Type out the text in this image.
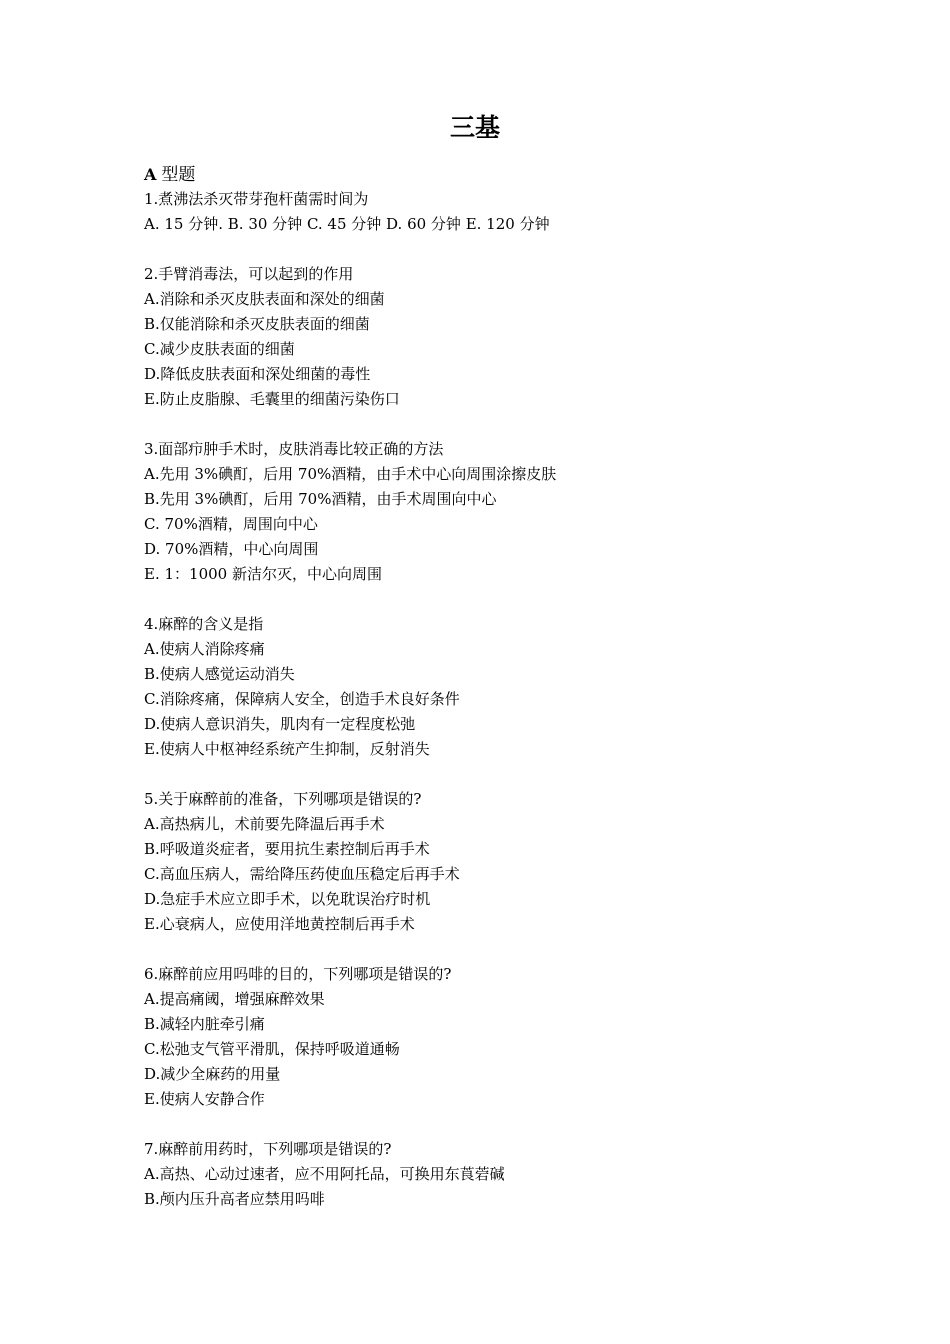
三基
A 型题
1.煮沸法杀灭带芽孢杆菌需时间为
A. 15 分钟. B. 30 分钟 C. 45 分钟 D. 60 分钟 E. 120 分钟
2.手臂消毒法，可以起到的作用
A.消除和杀灭皮肤表面和深处的细菌
B.仅能消除和杀灭皮肤表面的细菌
C.减少皮肤表面的细菌
D.降低皮肤表面和深处细菌的毒性
E.防止皮脂腺、毛囊里的细菌污染伤口
3.面部疖肿手术时，皮肤消毒比较正确的方法
A.先用 3%碘酊，后用 70%酒精，由手术中心向周围涂擦皮肤
B.先用 3%碘酊，后用 70%酒精，由手术周围向中心
C. 70%酒精，周围向中心
D. 70%酒精，中心向周围
E. 1：1000 新洁尔灭，中心向周围
4.麻醉的含义是指
A.使病人消除疼痛
B.使病人感觉运动消失
C.消除疼痛，保障病人安全，创造手术良好条件
D.使病人意识消失，肌肉有一定程度松弛
E.使病人中枢神经系统产生抑制，反射消失
5.关于麻醉前的准备，下列哪项是错误的?
A.高热病儿，术前要先降温后再手术
B.呼吸道炎症者，要用抗生素控制后再手术
C.高血压病人，需给降压药使血压稳定后再手术
D.急症手术应立即手术，以免耽误治疗时机
E.心衰病人，应使用洋地黄控制后再手术
6.麻醉前应用吗啡的目的，下列哪项是错误的?
A.提高痛阈，增强麻醉效果
B.减轻内脏牵引痛
C.松弛支气管平滑肌，保持呼吸道通畅
D.减少全麻药的用量
E.使病人安静合作
7.麻醉前用药时，下列哪项是错误的?
A.高热、心动过速者，应不用阿托品，可换用东莨菪碱
B.颅内压升高者应禁用吗啡
